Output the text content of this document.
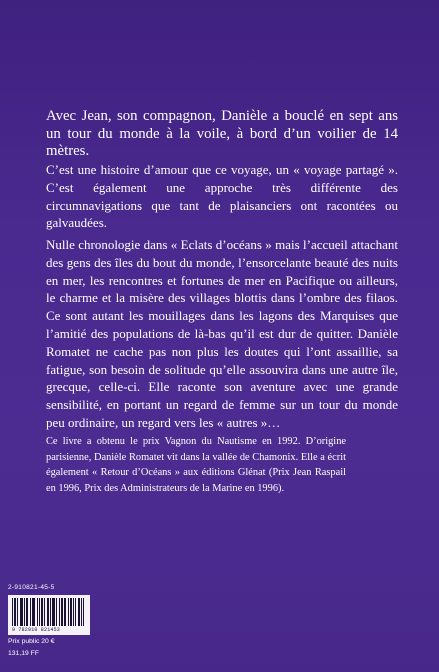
Avec Jean, son compagnon, Danièle a bouclé en sept ans un tour du monde à la voile, à bord d’un voilier de 14 mètres.

C’est une histoire d’amour que ce voyage, un « voyage partagé ». C’est également une approche très différente des circumnavigations que tant de plaisanciers ont racontées ou galvaudées.

Nulle chronologie dans « Eclats d’océans » mais l’accueil attachant des gens des îles du bout du monde, l’ensorcelante beauté des nuits en mer, les rencontres et fortunes de mer en Pacifique ou ailleurs, le charme et la misère des villages blottis dans l’ombre des filaos. Ce sont autant les mouillages dans les lagons des Marquises que l’amitié des populations de là-bas qu’il est dur de quitter. Danièle Romatet ne cache pas non plus les doutes qui l’ont assaillie, sa fatigue, son besoin de solitude qu’elle assouvira dans une autre île, grecque, celle-ci. Elle raconte son aventure avec une grande sensibilité, en portant un regard de femme sur un tour du monde peu ordinaire, un regard vers les « autres »…

Ce livre a obtenu le prix Vagnon du Nautisme en 1992. D’origine parisienne, Danièle Romatet vit dans la vallée de Chamonix. Elle a écrit également « Retour d’Océans » aux éditions Glénat (Prix Jean Raspail en 1996, Prix des Administrateurs de la Marine en 1996).

2-910821-45-5
9 782910 821453
Prix public 20 €
131,19 FF
